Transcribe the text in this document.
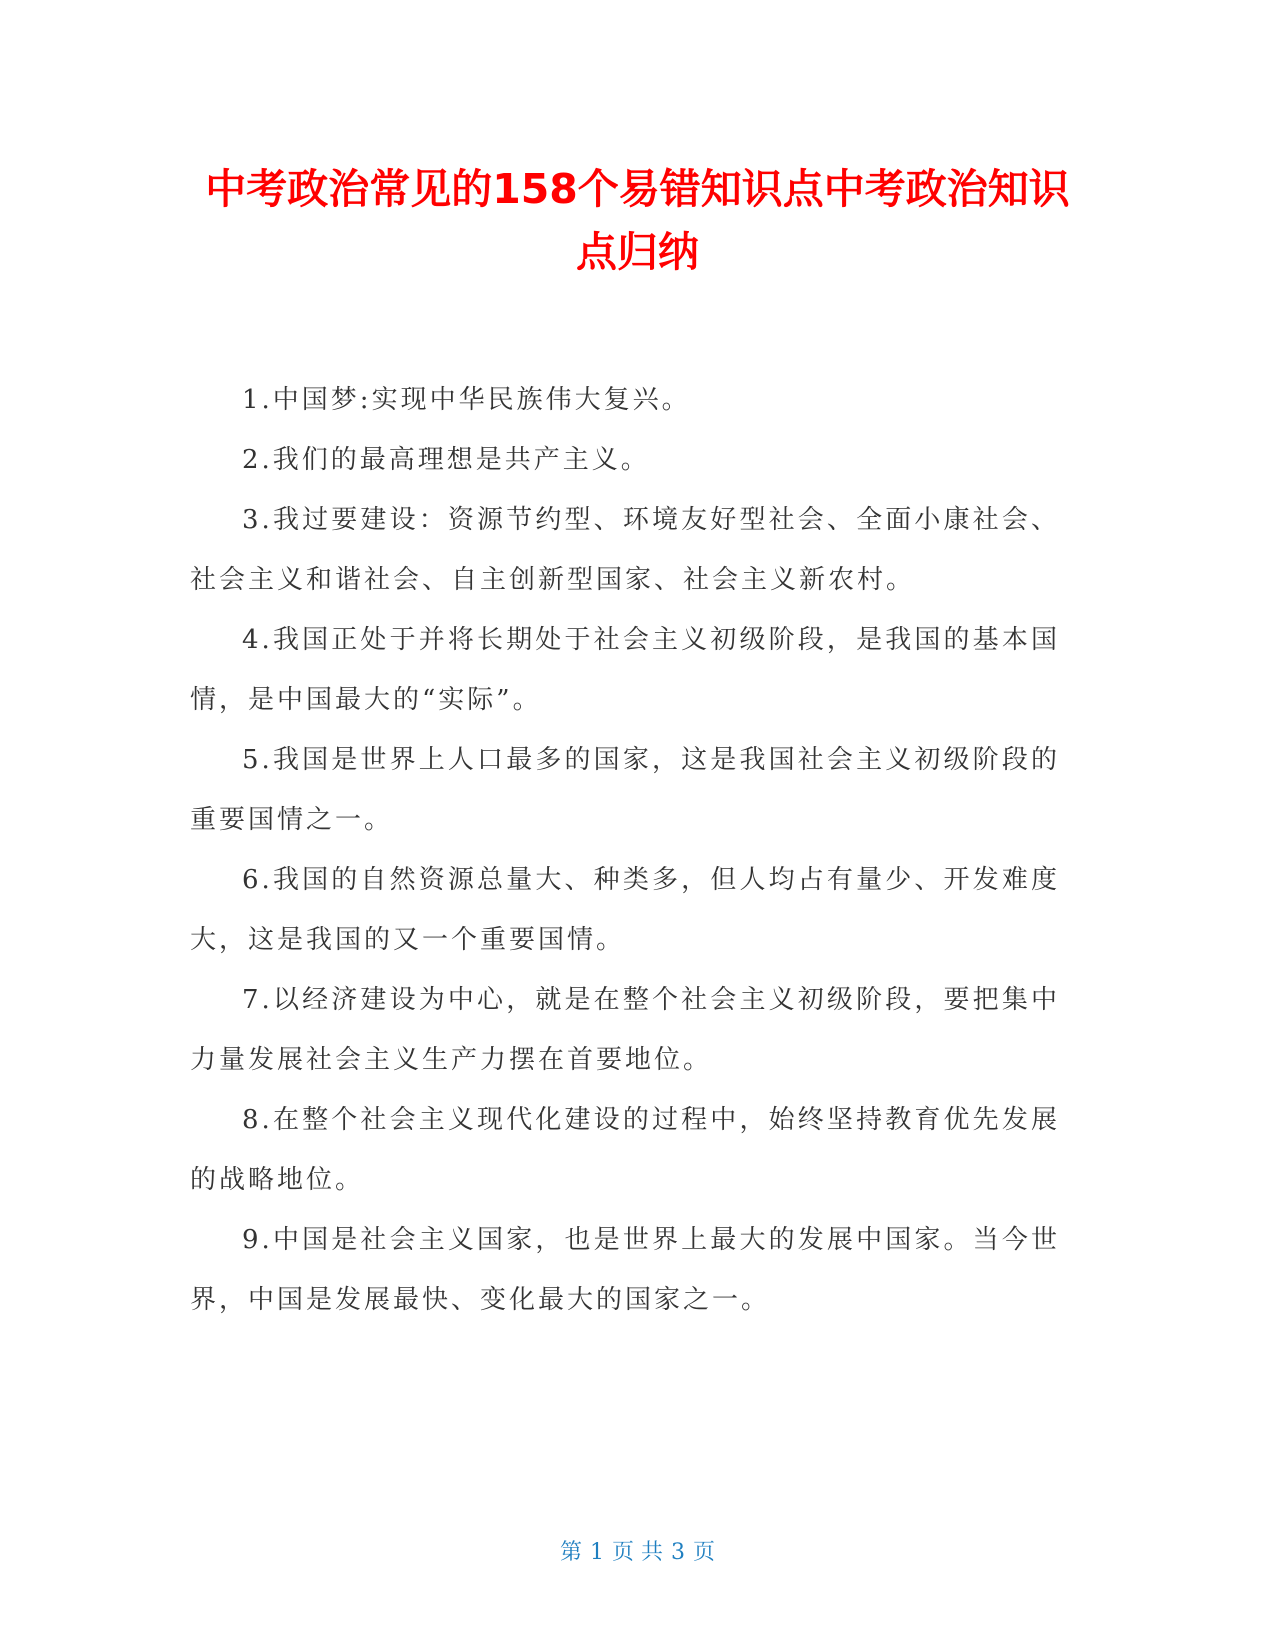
中考政治常见的158个易错知识点中考政治知识点归纳

1.中国梦:实现中华民族伟大复兴。

2.我们的最高理想是共产主义。

3.我过要建设：资源节约型、环境友好型社会、全面小康社会、社会主义和谐社会、自主创新型国家、社会主义新农村。

4.我国正处于并将长期处于社会主义初级阶段，是我国的基本国情，是中国最大的“实际”。

5.我国是世界上人口最多的国家，这是我国社会主义初级阶段的重要国情之一。

6.我国的自然资源总量大、种类多，但人均占有量少、开发难度大，这是我国的又一个重要国情。

7.以经济建设为中心，就是在整个社会主义初级阶段，要把集中力量发展社会主义生产力摆在首要地位。

8.在整个社会主义现代化建设的过程中，始终坚持教育优先发展的战略地位。

9.中国是社会主义国家，也是世界上最大的发展中国家。当今世界，中国是发展最快、变化最大的国家之一。

第 1 页 共 3 页
